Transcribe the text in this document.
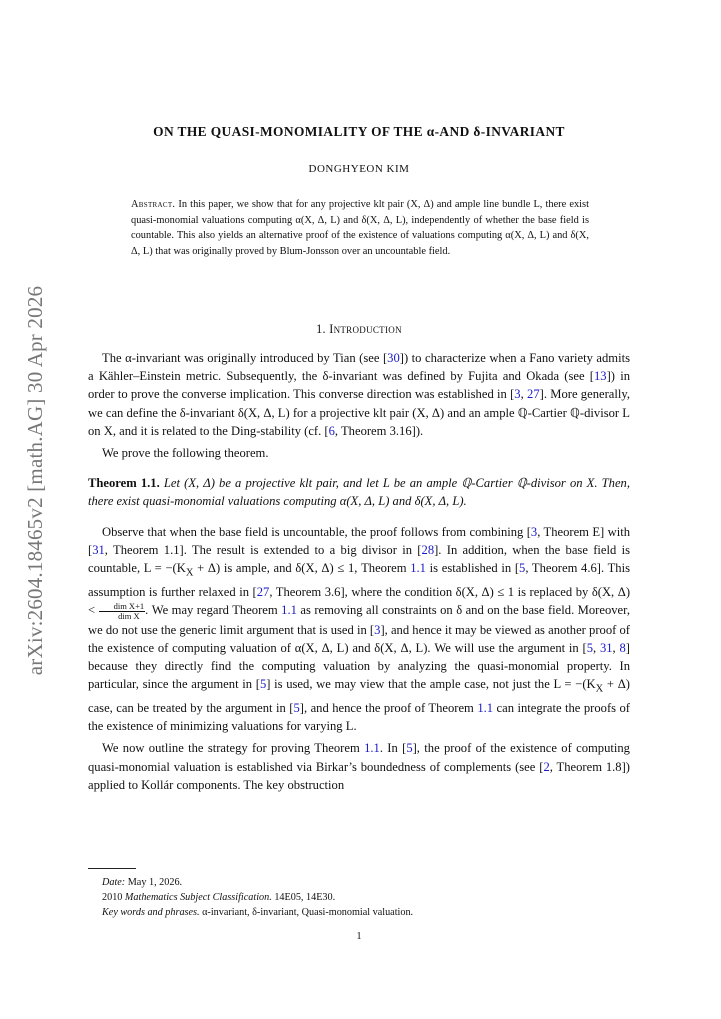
arXiv:2604.18465v2 [math.AG] 30 Apr 2026
ON THE QUASI-MONOMIALITY OF THE α-AND δ-INVARIANT
DONGHYEON KIM
Abstract. In this paper, we show that for any projective klt pair (X, Δ) and ample line bundle L, there exist quasi-monomial valuations computing α(X, Δ, L) and δ(X, Δ, L), independently of whether the base field is countable. This also yields an alternative proof of the existence of valuations computing α(X, Δ, L) and δ(X, Δ, L) that was originally proved by Blum-Jonsson over an uncountable field.
1. Introduction

The α-invariant was originally introduced by Tian (see [30]) to characterize when a Fano variety admits a Kähler–Einstein metric. Subsequently, the δ-invariant was defined by Fujita and Okada (see [13]) in order to prove the converse implication. This converse direction was established in [3, 27]. More generally, we can define the δ-invariant δ(X, Δ, L) for a projective klt pair (X, Δ) and an ample ℚ-Cartier ℚ-divisor L on X, and it is related to the Ding-stability (cf. [6, Theorem 3.16]).

We prove the following theorem.

Theorem 1.1. Let (X, Δ) be a projective klt pair, and let L be an ample ℚ-Cartier ℚ-divisor on X. Then, there exist quasi-monomial valuations computing α(X, Δ, L) and δ(X, Δ, L).

Observe that when the base field is uncountable, the proof follows from combining [3, Theorem E] with [31, Theorem 1.1]. The result is extended to a big divisor in [28]. In addition, when the base field is countable, $L = -(K_X + \Delta)$ is ample, and δ(X, Δ) ≤ 1, Theorem 1.1 is established in [5, Theorem 4.6]. This assumption is further relaxed in [27, Theorem 3.6], where the condition δ(X, Δ) ≤ 1 is replaced by δ(X, Δ) <	dim X+1
dim X . We may regard Theorem 1.1 as removing all constraints on δ and on the base field. Moreover, we do not use the generic limit argument that is used in [3], and hence it may be viewed as another proof of the existence of computing valuation of α(X, Δ, L) and δ(X, Δ, L). We will use the argument in [5, 31, 8] because they directly find the computing valuation by analyzing the quasi-monomial property. In particular, since the argument in [5] is used, we may view that the ample case, not just the $L = -(K_X + \Delta)$ case, can be treated by the argument in [5], and hence the proof of Theorem 1.1 can integrate the proofs of the existence of minimizing valuations for varying L.

We now outline the strategy for proving Theorem 1.1. In [5], the proof of the existence of computing quasi-monomial valuation is established via Birkar’s boundedness of complements (see [2, Theorem 1.8]) applied to Kollár components. The key obstruction

Date: May 1, 2026.
2010 Mathematics Subject Classification. 14E05, 14E30.
Key words and phrases. α-invariant, δ-invariant, Quasi-monomial valuation.
1
